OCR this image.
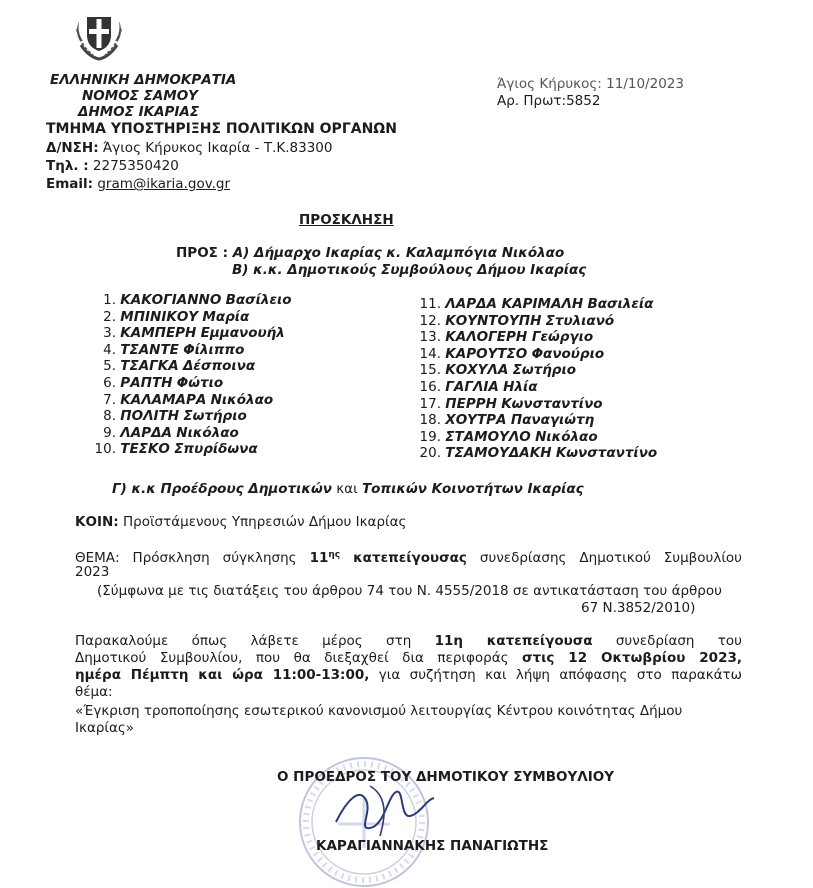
ΕΛΛΗΝΙΚΗ ΔΗΜΟΚΡΑΤΙΑ
ΝΟΜΟΣ ΣΑΜΟΥ
ΔΗΜΟΣ ΙΚΑΡΙΑΣ
ΤΜΗΜΑ ΥΠΟΣΤΗΡΙΞΗΣ ΠΟΛΙΤΙΚΩΝ ΟΡΓΑΝΩΝ
Δ/ΝΣΗ: Άγιος Κήρυκος Ικαρία - Τ.Κ.83300
Τηλ. : 2275350420
Email: gram@ikaria.gov.gr
Άγιος Κήρυκος: 11/10/2023
Αρ. Πρωτ:5852
ΠΡΟΣΚΛΗΣΗ
ΠΡΟΣ : Α) Δήμαρχο Ικαρίας κ. Καλαμπόγια Νικόλαο
Β) κ.κ. Δημοτικούς Συμβούλους Δήμου Ικαρίας
1. ΚΑΚΟΓΙΑΝΝΟ Βασίλειο
2. ΜΠΙΝΙΚΟΥ Μαρία
3. ΚΑΜΠΕΡΗ Εμμανουήλ
4. ΤΣΑΝΤΕ Φίλιππο
5. ΤΣΑΓΚΑ Δέσποινα
6. ΡΑΠΤΗ Φώτιο
7. ΚΑΛΑΜΑΡΑ Νικόλαο
8. ΠΟΛΙΤΗ Σωτήριο
9. ΛΑΡΔΑ Νικόλαο
10. ΤΕΣΚΟ Σπυρίδωνα
11. ΛΑΡΔΑ ΚΑΡΙΜΑΛΗ Βασιλεία
12. ΚΟΥΝΤΟΥΠΗ Στυλιανό
13. ΚΑΛΟΓΕΡΗ Γεώργιο
14. ΚΑΡΟΥΤΣΟ Φανούριο
15. ΚΟΧΥΛΑ Σωτήριο
16. ΓΑΓΛΙΑ Ηλία
17. ΠΕΡΡΗ Κωνσταντίνο
18. ΧΟΥΤΡΑ Παναγιώτη
19. ΣΤΑΜΟΥΛΟ Νικόλαο
20. ΤΣΑΜΟΥΔΑΚΗ Κωνσταντίνο
Γ) κ.κ Προέδρους Δημοτικών και Τοπικών Κοινοτήτων Ικαρίας
ΚΟΙΝ: Προϊστάμενους Υπηρεσιών Δήμου Ικαρίας
ΘΕΜΑ: Πρόσκληση σύγκλησης $11^{\eta\varsigma}$ κατεπείγουσας συνεδρίασης Δημοτικού Συμβουλίου
2023
(Σύμφωνα με τις διατάξεις του άρθρου 74 του Ν. 4555/2018 σε αντικατάσταση του άρθρου
67 Ν.3852/2010)
Παρακαλούμε όπως λάβετε μέρος στη 11η κατεπείγουσα συνεδρίαση του
Δημοτικού Συμβουλίου, που θα διεξαχθεί δια περιφοράς στις 12 Οκτωβρίου 2023,
ημέρα Πέμπτη και ώρα 11:00-13:00, για συζήτηση και λήψη απόφασης στο παρακάτω
θέμα:
«Έγκριση τροποποίησης εσωτερικού κανονισμού λειτουργίας Κέντρου κοινότητας Δήμου
Ικαρίας»
Ο ΠΡΟΕΔΡΟΣ ΤΟΥ ΔΗΜΟΤΙΚΟΥ ΣΥΜΒΟΥΛΙΟΥ
ΚΑΡΑΓΙΑΝΝΑΚΗΣ ΠΑΝΑΓΙΩΤΗΣ
